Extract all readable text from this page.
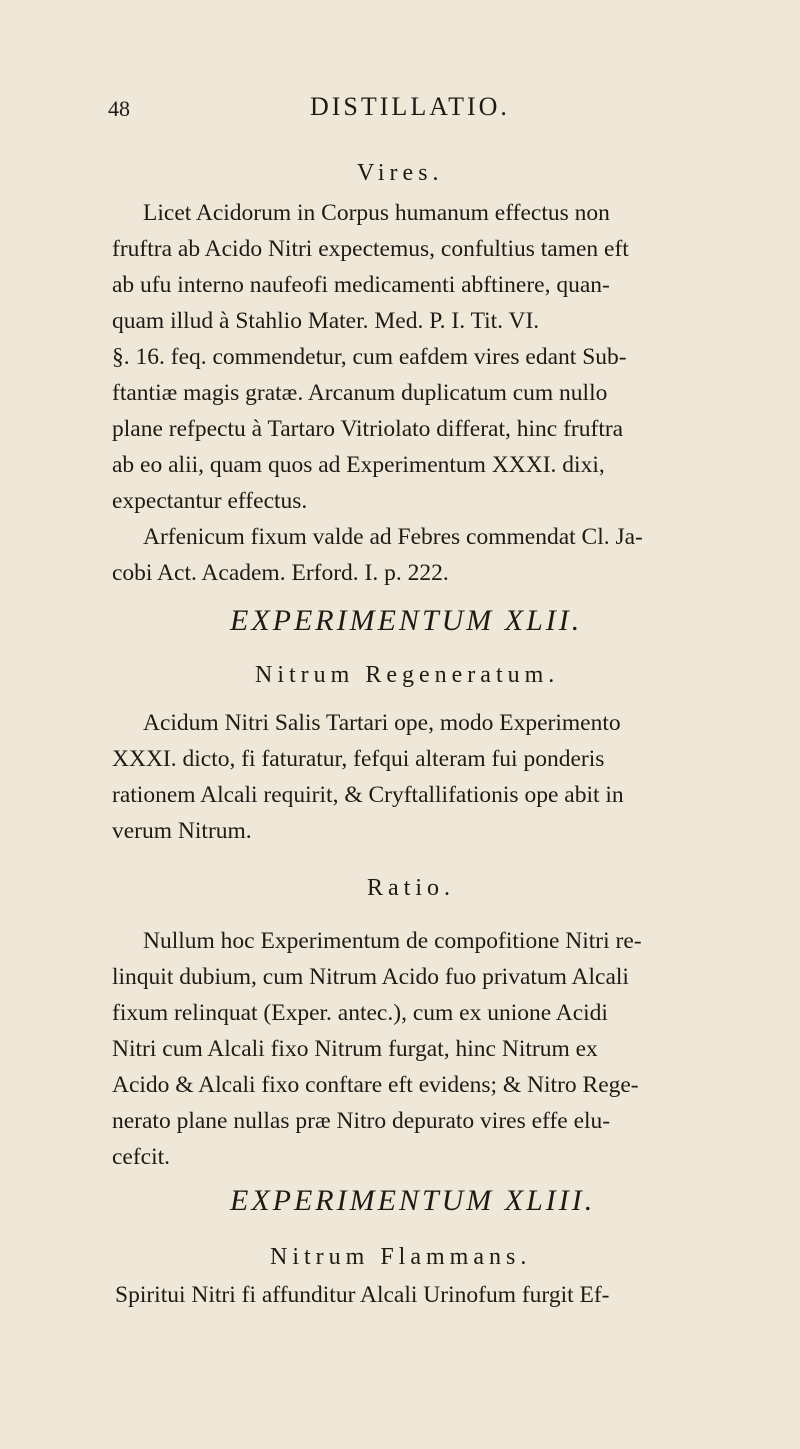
48	DISTILLATIO.
Vires.
Licet Acidorum in Corpus humanum effectus non
fruftra ab Acido Nitri expectemus, confultius tamen eft
ab ufu interno naufeofi medicamenti abftinere, quan-
quam illud à Stahlio Mater. Med. P. I. Tit. VI.
§. 16. feq. commendetur, cum eafdem vires edant Sub-
ftantiæ magis gratæ. Arcanum duplicatum cum nullo
plane refpectu à Tartaro Vitriolato differat, hinc fruftra
ab eo alii, quam quos ad Experimentum XXXI. dixi,
expectantur effectus.
Arfenicum fixum valde ad Febres commendat Cl. Ja-
cobi Act. Academ. Erford. I. p. 222.
EXPERIMENTUM XLII.
Nitrum Regeneratum.
Acidum Nitri Salis Tartari ope, modo Experimento
XXXI. dicto, fi faturatur, fefqui alteram fui ponderis
rationem Alcali requirit, & Cryftallifationis ope abit in
verum Nitrum.
Ratio.
Nullum hoc Experimentum de compofitione Nitri re-
linquit dubium, cum Nitrum Acido fuo privatum Alcali
fixum relinquat (Exper. antec.), cum ex unione Acidi
Nitri cum Alcali fixo Nitrum furgat, hinc Nitrum ex
Acido & Alcali fixo conftare eft evidens; & Nitro Rege-
nerato plane nullas præ Nitro depurato vires effe elu-
cefcit.
EXPERIMENTUM XLIII.
Nitrum Flammans.
Spiritui Nitri fi affunditur Alcali Urinofum furgit Ef-
